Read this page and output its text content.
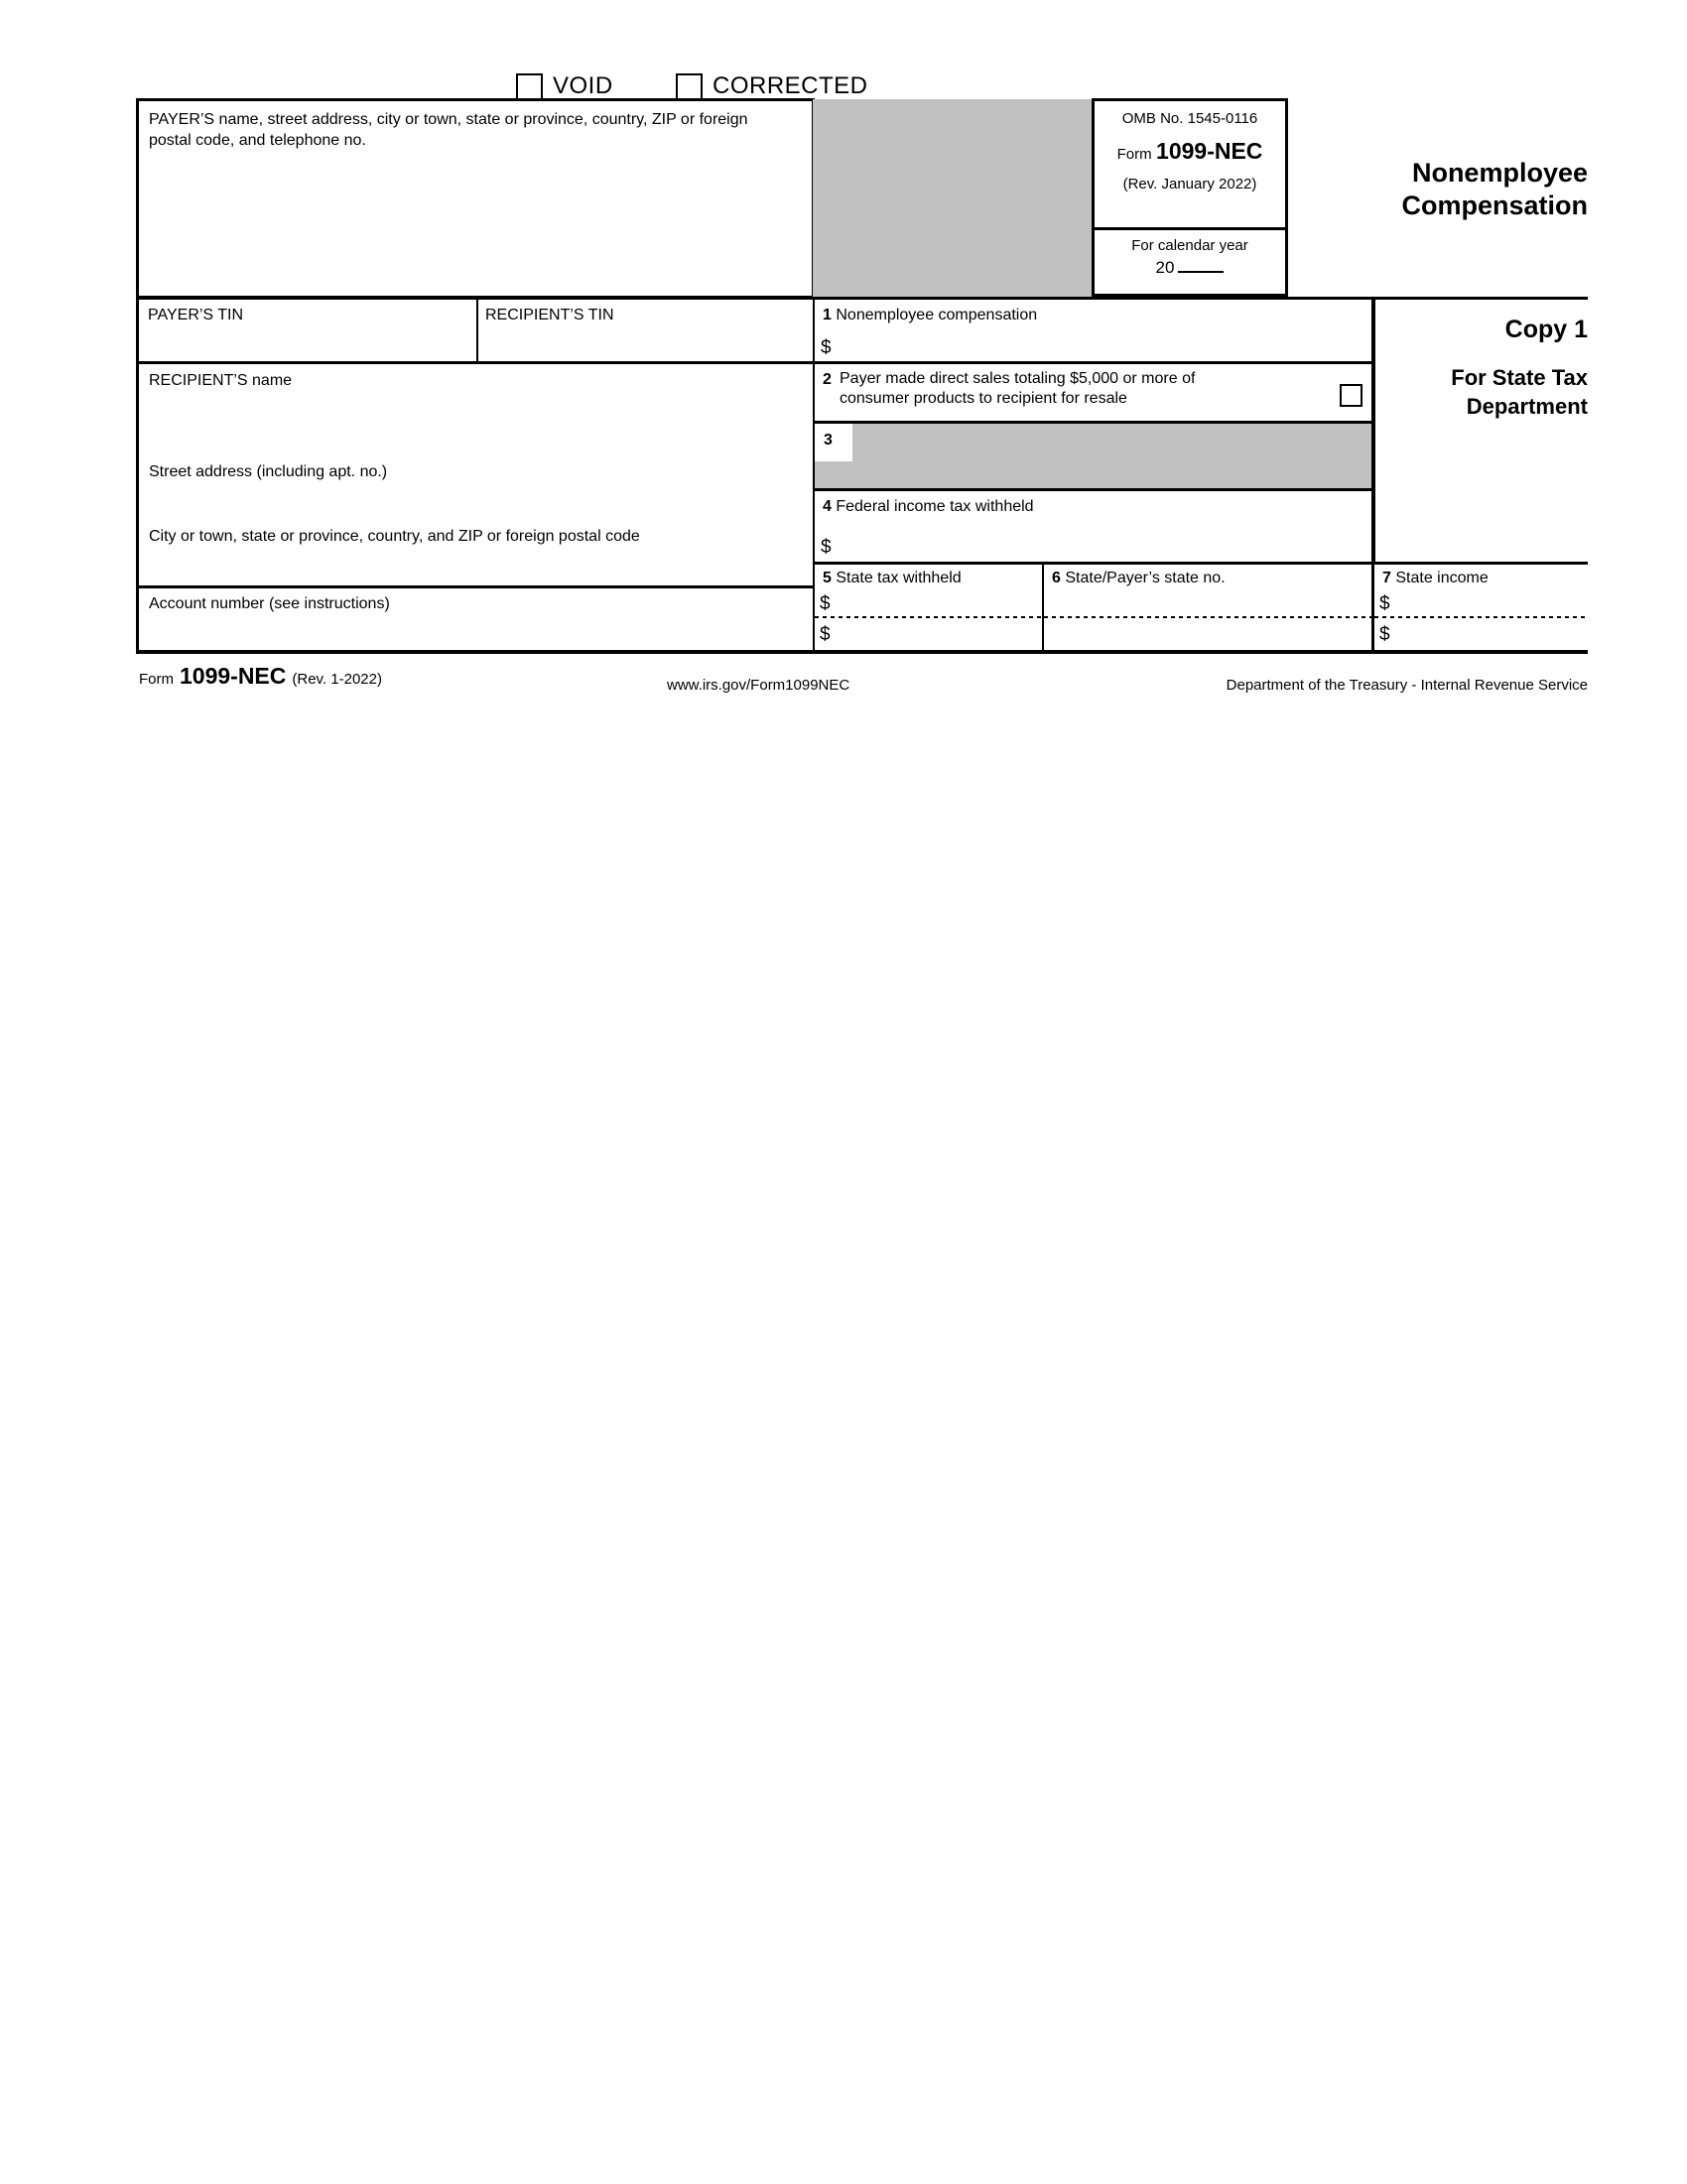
VOID	CORRECTED
PAYER’S name, street address, city or town, state or province, country, ZIP or foreign postal code, and telephone no.
OMB No. 1545-0116
Form 1099-NEC
(Rev. January 2022)
For calendar year
20
Nonemployee Compensation
PAYER’S TIN	RECIPIENT’S TIN	1 Nonemployee compensation
$
RECIPIENT’S name
Street address (including apt. no.)
City or town, state or province, country, and ZIP or foreign postal code
2 Payer made direct sales totaling $5,000 or more of consumer products to recipient for resale
3
4 Federal income tax withheld
$
Account number (see instructions)
5 State tax withheld
$
$
6 State/Payer’s state no.	7 State income
$
$
Copy 1
For State Tax Department
Form 1099-NEC (Rev. 1-2022)	www.irs.gov/Form1099NEC	Department of the Treasury - Internal Revenue Service
